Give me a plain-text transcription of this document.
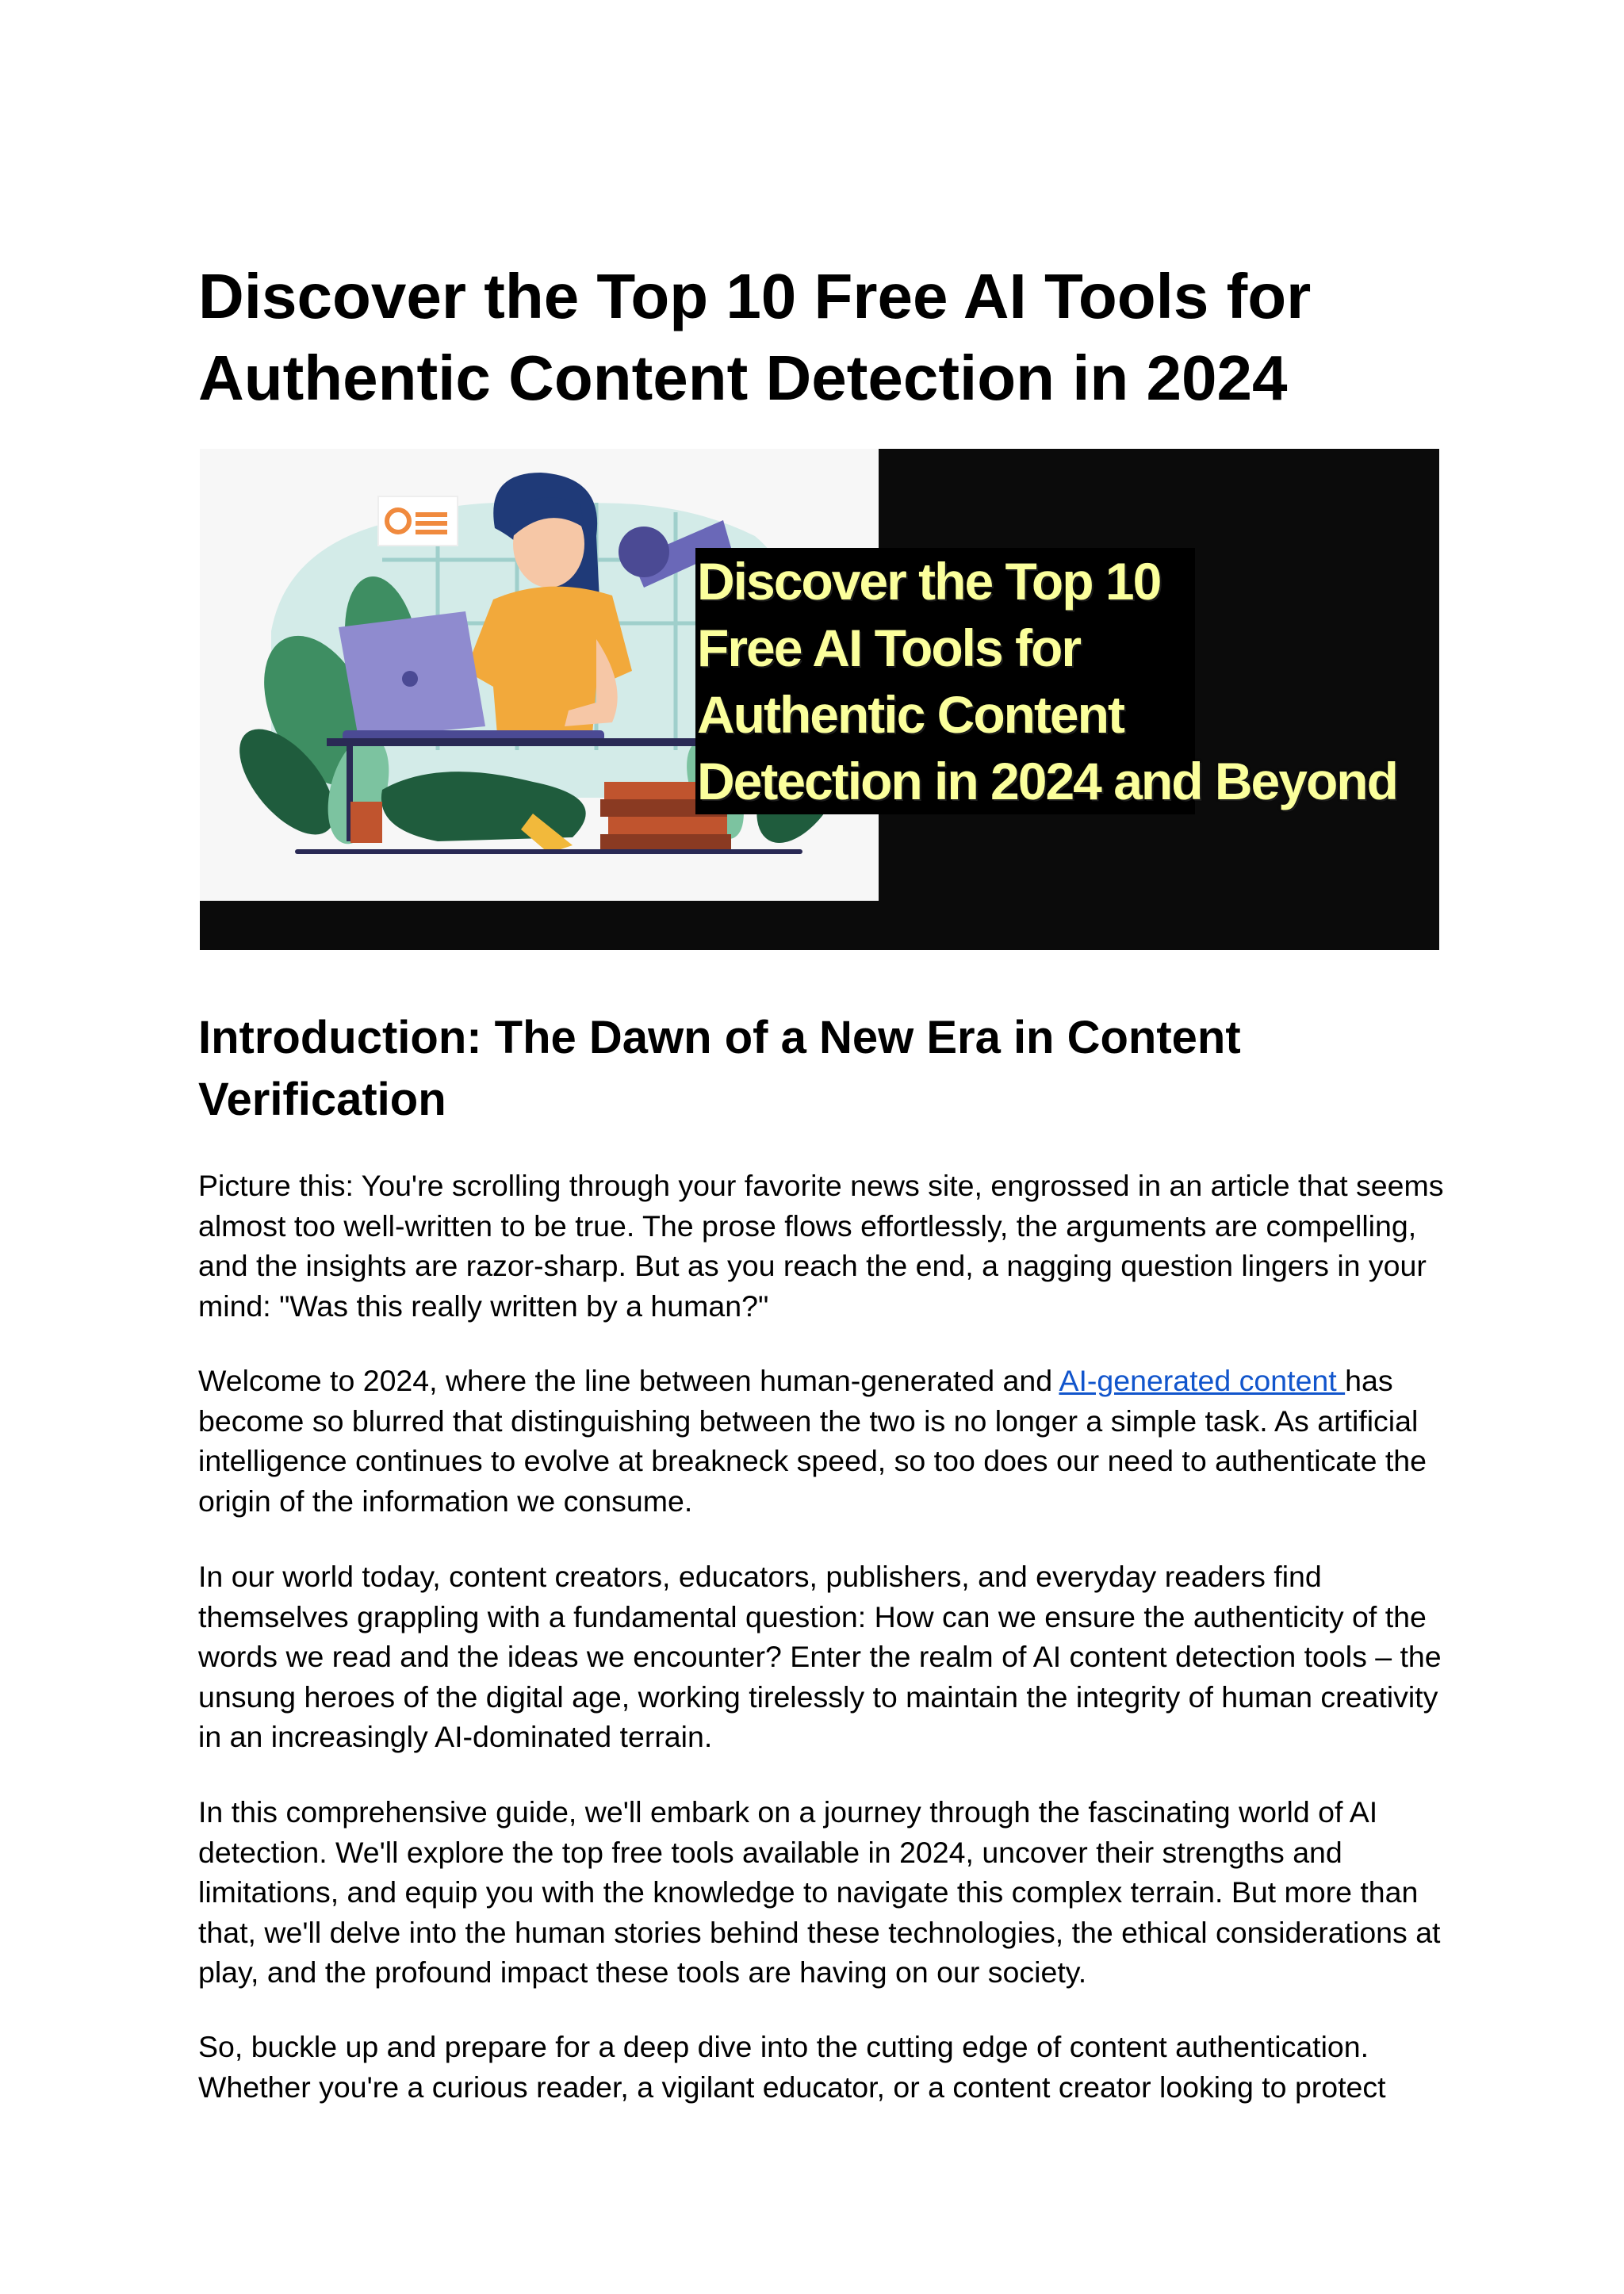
Discover the Top 10 Free AI Tools for Authentic Content Detection in 2024
Discover the Top 10
Free AI Tools for
Authentic Content
Detection in 2024 and Beyond
Introduction: The Dawn of a New Era in Content Verification

Picture this: You're scrolling through your favorite news site, engrossed in an article that seems almost too well-written to be true. The prose flows effortlessly, the arguments are compelling, and the insights are razor-sharp. But as you reach the end, a nagging question lingers in your mind: "Was this really written by a human?"

Welcome to 2024, where the line between human-generated and AI-generated content has become so blurred that distinguishing between the two is no longer a simple task. As artificial intelligence continues to evolve at breakneck speed, so too does our need to authenticate the origin of the information we consume.

In our world today, content creators, educators, publishers, and everyday readers find themselves grappling with a fundamental question: How can we ensure the authenticity of the words we read and the ideas we encounter? Enter the realm of AI content detection tools – the unsung heroes of the digital age, working tirelessly to maintain the integrity of human creativity in an increasingly AI-dominated terrain.

In this comprehensive guide, we'll embark on a journey through the fascinating world of AI detection. We'll explore the top free tools available in 2024, uncover their strengths and limitations, and equip you with the knowledge to navigate this complex terrain. But more than that, we'll delve into the human stories behind these technologies, the ethical considerations at play, and the profound impact these tools are having on our society.

So, buckle up and prepare for a deep dive into the cutting edge of content authentication. Whether you're a curious reader, a vigilant educator, or a content creator looking to protect
